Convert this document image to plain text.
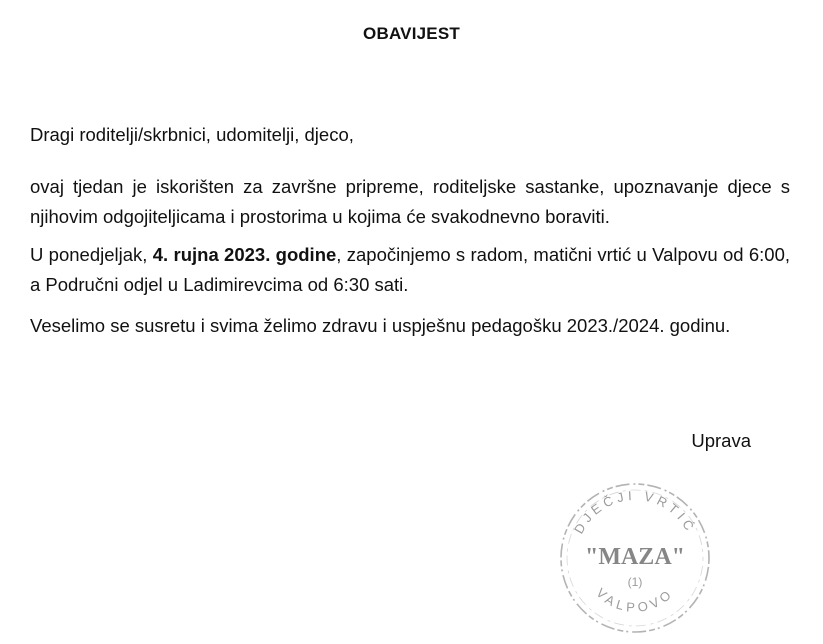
OBAVIJEST
Dragi roditelji/skrbnici, udomitelji, djeco,
ovaj tjedan je iskorišten za završne pripreme, roditeljske sastanke, upoznavanje djece s njihovim odgojiteljicama i prostorima u kojima će svakodnevno boraviti.
U ponedjeljak, 4. rujna 2023. godine, započinjemo s radom, matični vrtić u Valpovu od 6:00, a Područni odjel u Ladimirevcima od 6:30 sati.
Veselimo se susretu i svima želimo zdravu i uspješnu pedagošku 2023./2024. godinu.
Uprava
DJEČJI VRTIĆ
"MAZA"
(1)
VALPOVO
